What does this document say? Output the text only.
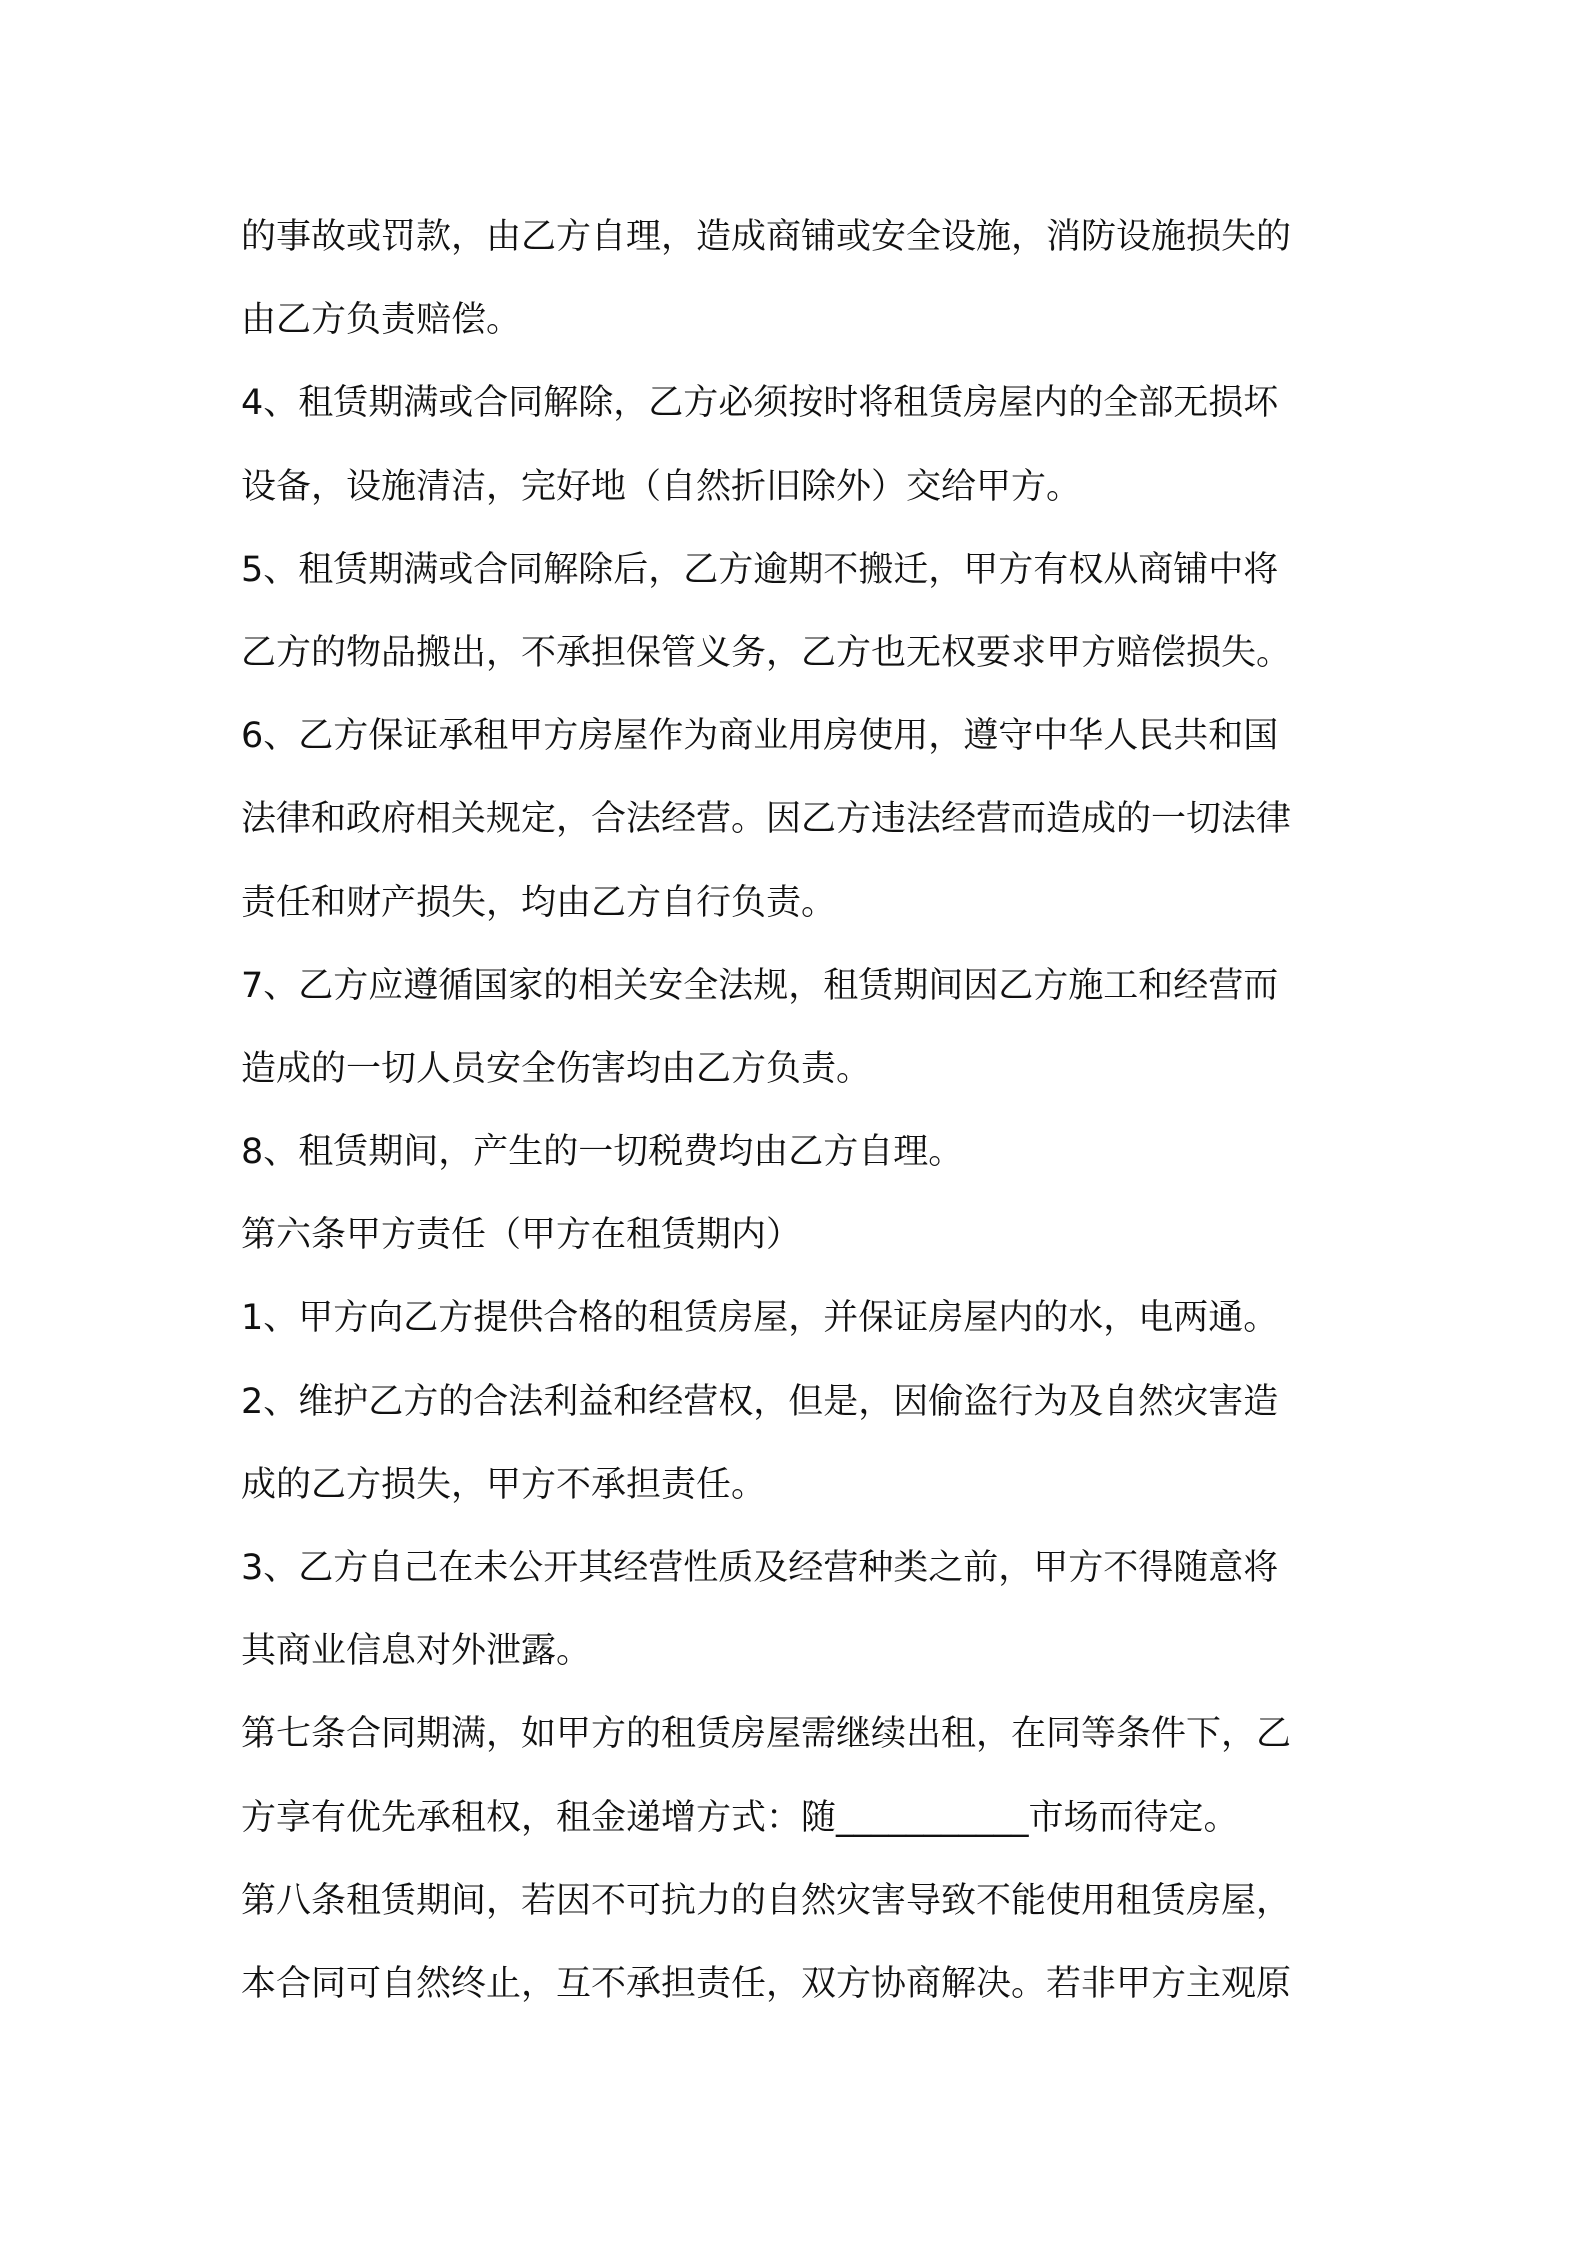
的事故或罚款，由乙方自理，造成商铺或安全设施，消防设施损失的
由乙方负责赔偿。
4、租赁期满或合同解除，乙方必须按时将租赁房屋内的全部无损坏
设备，设施清洁，完好地（自然折旧除外）交给甲方。
5、租赁期满或合同解除后，乙方逾期不搬迁，甲方有权从商铺中将
乙方的物品搬出，不承担保管义务，乙方也无权要求甲方赔偿损失。
6、乙方保证承租甲方房屋作为商业用房使用，遵守中华人民共和国
法律和政府相关规定，合法经营。因乙方违法经营而造成的一切法律
责任和财产损失，均由乙方自行负责。
7、乙方应遵循国家的相关安全法规，租赁期间因乙方施工和经营而
造成的一切人员安全伤害均由乙方负责。
8、租赁期间，产生的一切税费均由乙方自理。
第六条甲方责任（甲方在租赁期内）
1、甲方向乙方提供合格的租赁房屋，并保证房屋内的水，电两通。
2、维护乙方的合法利益和经营权，但是，因偷盗行为及自然灾害造
成的乙方损失，甲方不承担责任。
3、乙方自己在未公开其经营性质及经营种类之前，甲方不得随意将
其商业信息对外泄露。
第七条合同期满，如甲方的租赁房屋需继续出租，在同等条件下，乙
方享有优先承租权，租金递增方式：随___________市场而待定。
第八条租赁期间，若因不可抗力的自然灾害导致不能使用租赁房屋，
本合同可自然终止，互不承担责任，双方协商解决。若非甲方主观原
